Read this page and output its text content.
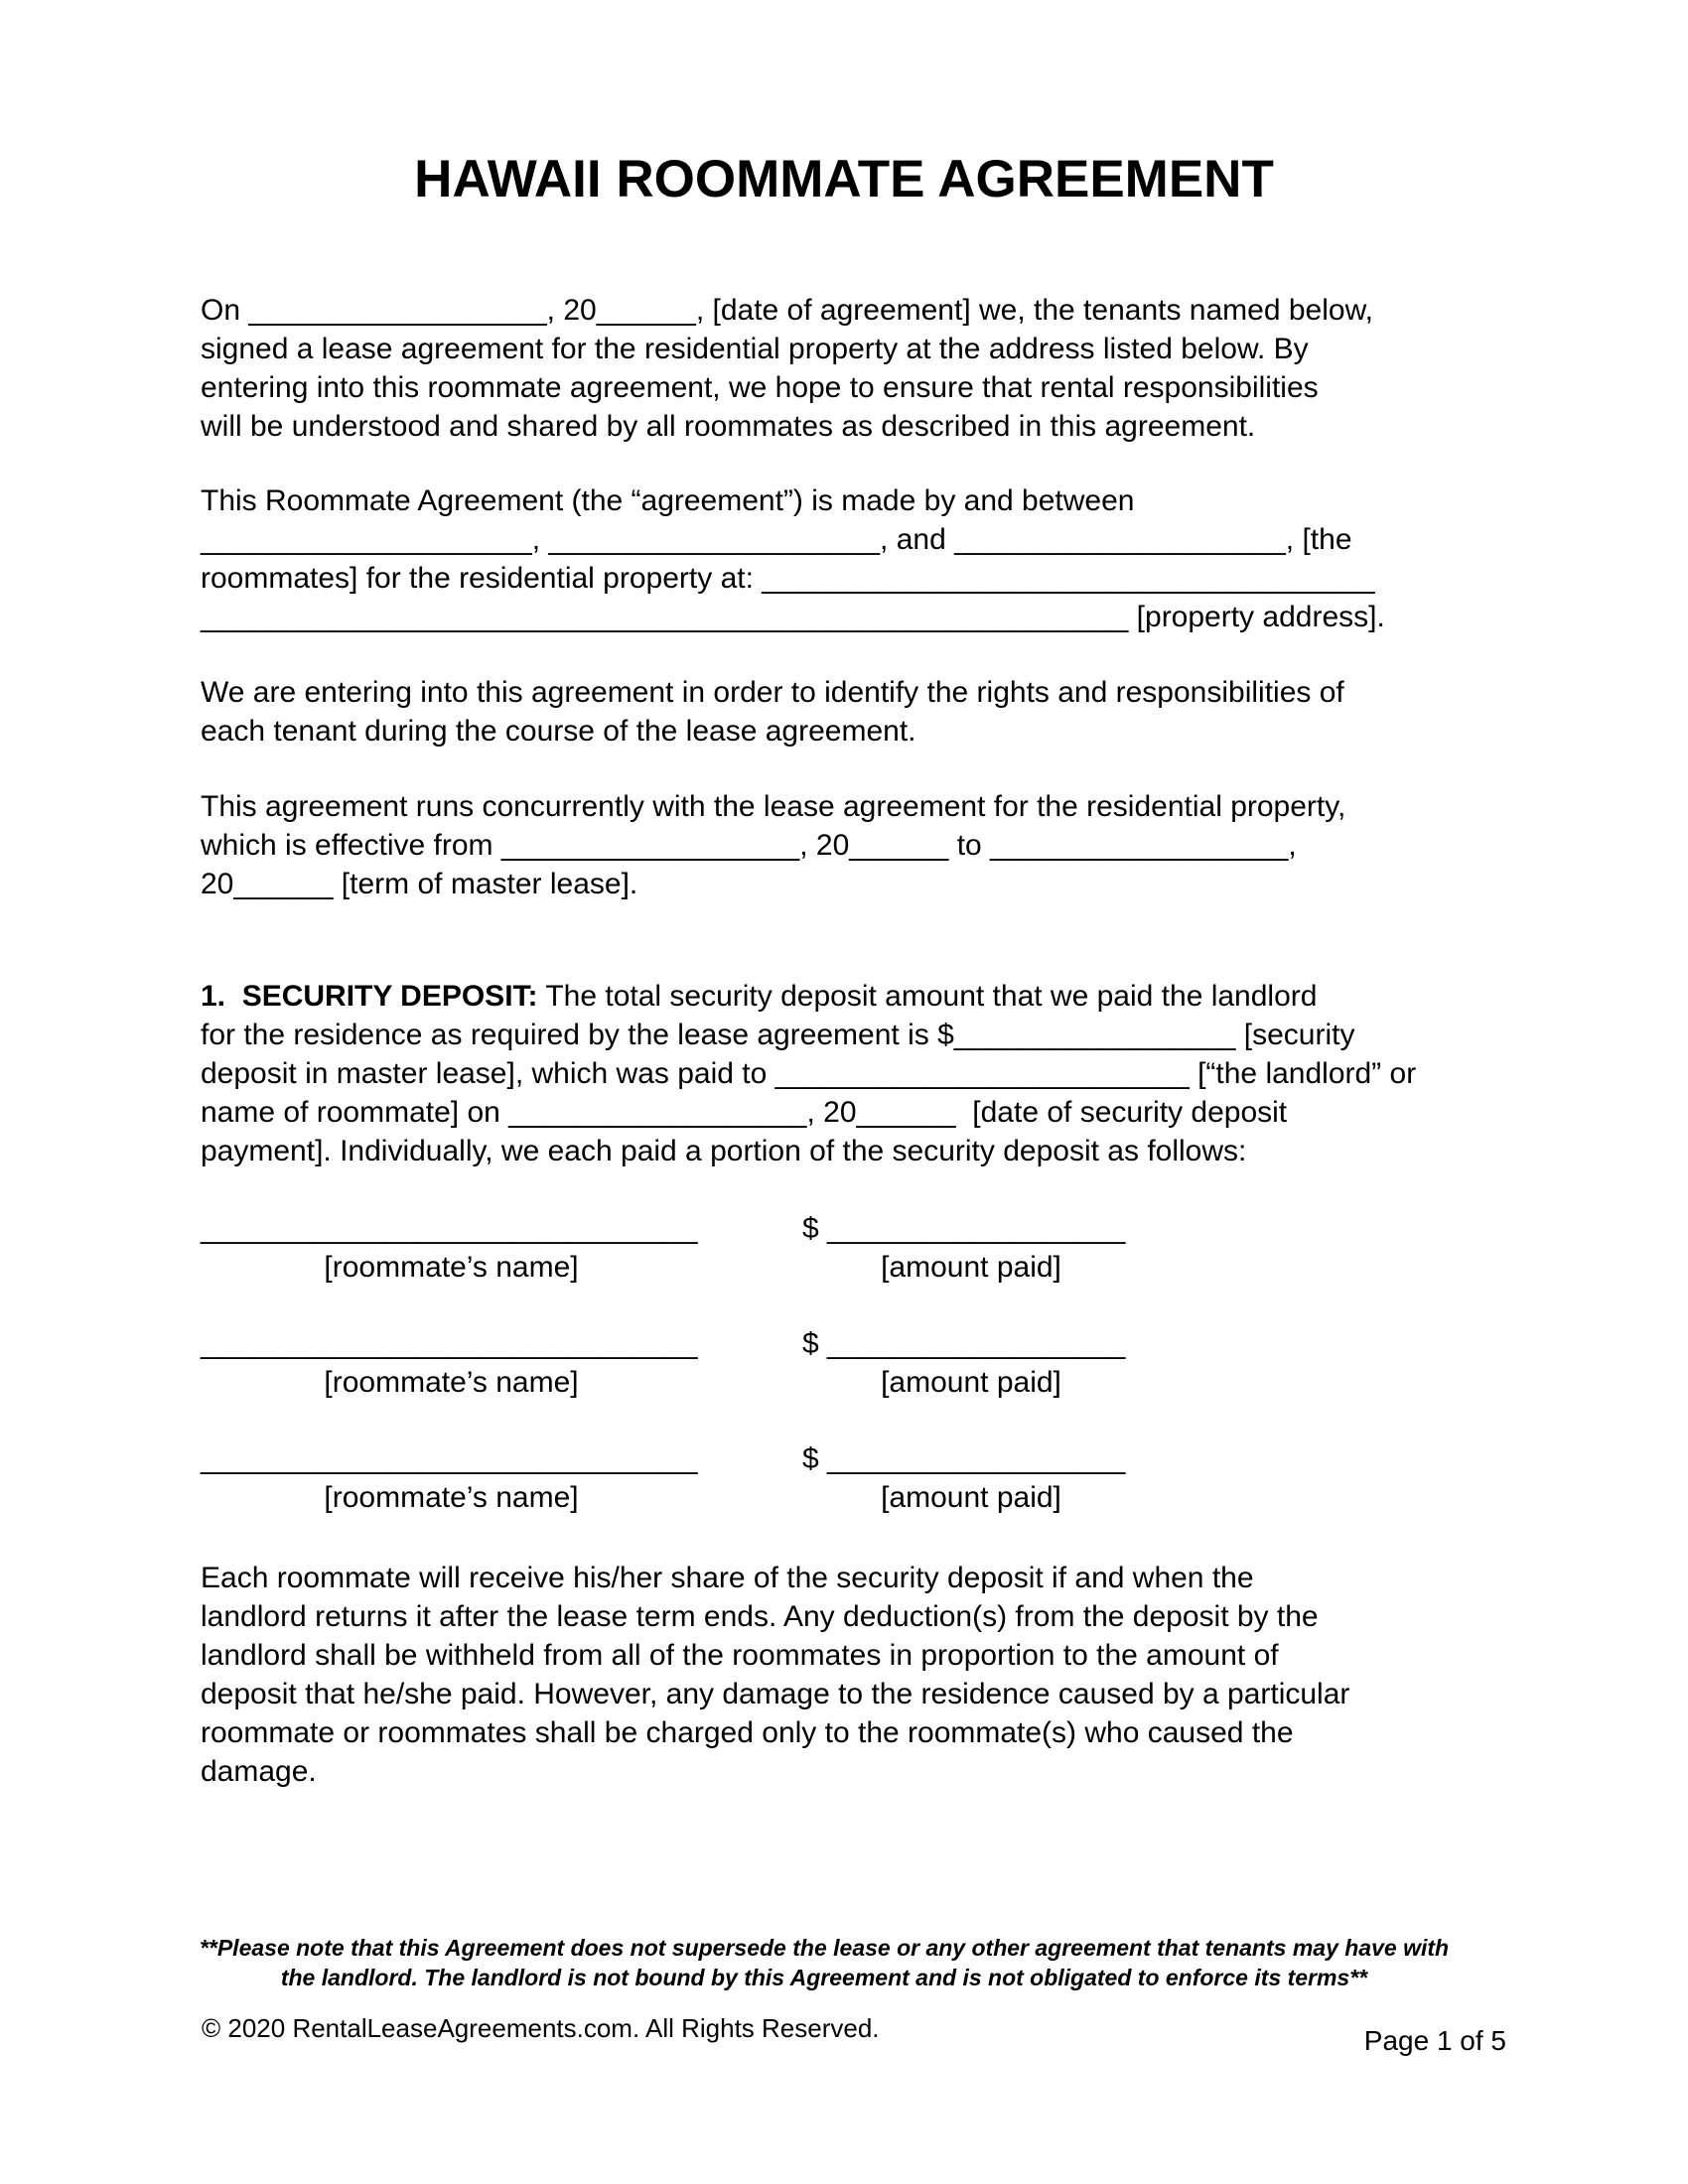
HAWAII ROOMMATE AGREEMENT
On __________________, 20______, [date of agreement] we, the tenants named below,
signed a lease agreement for the residential property at the address listed below. By
entering into this roommate agreement, we hope to ensure that rental responsibilities
will be understood and shared by all roommates as described in this agreement.
This Roommate Agreement (the “agreement”) is made by and between
____________________, ____________________, and ____________________, [the
roommates] for the residential property at: _____________________________________
________________________________________________________ [property address].
We are entering into this agreement in order to identify the rights and responsibilities of
each tenant during the course of the lease agreement.
This agreement runs concurrently with the lease agreement for the residential property,
which is effective from __________________, 20______ to __________________,
20______ [term of master lease].
1.  SECURITY DEPOSIT: The total security deposit amount that we paid the landlord
for the residence as required by the lease agreement is $_________________ [security
deposit in master lease], which was paid to _________________________ [“the landlord” or
name of roommate] on __________________, 20______  [date of security deposit
payment]. Individually, we each paid a portion of the security deposit as follows:
______________________________
[roommate’s name]
$ __________________
[amount paid]
______________________________
[roommate’s name]
$ __________________
[amount paid]
______________________________
[roommate’s name]
$ __________________
[amount paid]
Each roommate will receive his/her share of the security deposit if and when the
landlord returns it after the lease term ends. Any deduction(s) from the deposit by the
landlord shall be withheld from all of the roommates in proportion to the amount of
deposit that he/she paid. However, any damage to the residence caused by a particular
roommate or roommates shall be charged only to the roommate(s) who caused the
damage.
**Please note that this Agreement does not supersede the lease or any other agreement that tenants may have with
the landlord. The landlord is not bound by this Agreement and is not obligated to enforce its terms**
© 2020 RentalLeaseAgreements.com. All Rights Reserved.	Page 1 of 5
